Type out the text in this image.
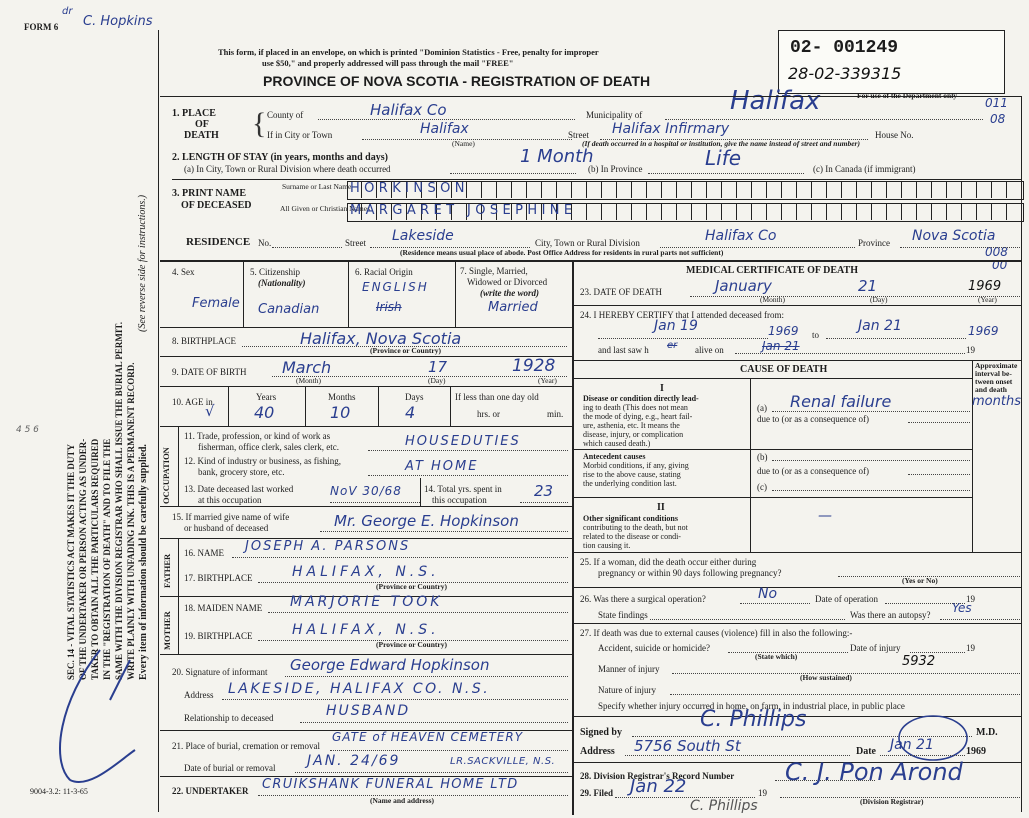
FORM 6 C. Hopkins
dr
This form, if placed in an envelope, on which is printed "Dominion Statistics - Free, penalty for improper
use $50," and properly addressed will pass through the mail "FREE"
PROVINCE OF NOVA SCOTIA - REGISTRATION OF DEATH
02- 001249
28-02-339315
For use of the Department only
011
08
008
00
SEC. 14 - VITAL STATISTICS ACT MAKES IT THE DUTY OF THE UNDERTAKER OR PERSON ACTING AS UNDER- TAKER TO OBTAIN ALL THE PARTICULARS REQUIRED IN THE "REGISTRATION OF DEATH" AND TO FILE THE SAME WITH THE DIVISION REGISTRAR WHO SHALL ISSUE THE BURIAL PERMIT. WRITE PLAINLY WITH UNFADING INK. THIS IS A PERMANENT RECORD. Every item of information should be carefully supplied.
(See reverse side for instructions.)
4 5 6
9004-3.2: 11-3-65
1. PLACE
OF
DEATH { County of	Halifax Co	Municipality of	Halifax
If in City or Town	Halifax
(Name)
Street Halifax Infirmary	House No.
(If death occurred in a hospital or institution, give the name instead of street and number)
2. LENGTH OF STAY (in years, months and days)
(a) In City, Town or Rural Division where death occurred
1 Month
(b) In Province	Life	(c) In Canada (if immigrant)
3. PRINT NAME
OF DECEASED
Surname or Last Name
All Given or Christian Names
HORKINSON
MARGARET JOSEPHINE
RESIDENCE No.	Street Lakeside	City, Town or Rural Division	Halifax Co	Province Nova Scotia
(Residence means usual place of abode. Post Office Address for residents in rural parts not sufficient)
4. Sex
Female
5. Citizenship
(Nationality)
Canadian
6. Racial Origin
ENGLISH
Irish
7. Single, Married,
Widowed or Divorced
(write the word)
Married
8. BIRTHPLACE	Halifax, Nova Scotia
(Province or Country)
9. DATE OF BIRTH March	17	1928
(Month)	(Day)	(Year)
10. AGE in
√
Years	Months	Days
40	10	4
If less than one day old
hrs. or	min.
OCCUPATION
11. Trade, profession, or kind of work as
fisherman, office clerk, sales clerk, etc.	HOUSEDUTIES
12. Kind of industry or business, as fishing,
bank, grocery store, etc.	AT HOME
13. Date deceased last worked
at this occupation
NoV 30/68 14. Total yrs. spent in
this occupation	23
15. If married give name of wife
or husband of deceased	Mr. George E. Hopkinson
FATHER
16. NAME JOSEPH A. PARSONS
17. BIRTHPLACE	HALIFAX, N.S.
(Province or Country)
MOTHER
18. MAIDEN NAME MARJORIE TOOK
19. BIRTHPLACE	HALIFAX, N.S.
(Province or Country)
20. Signature of informant George Edward Hopkinson
Address LAKESIDE, HALIFAX CO. N.S.
Relationship to deceased	HUSBAND
21. Place of burial, cremation or removal
GATE of HEAVEN CEMETERY
Date of burial or removal JAN. 24/69	LR.SACKVILLE, N.S.
22. UNDERTAKER CRUIKSHANK FUNERAL HOME LTD
(Name and address)
MEDICAL CERTIFICATE OF DEATH
23. DATE OF DEATH	January	21	1969
(Month)	(Day)	(Year)
24. I HEREBY CERTIFY that I attended deceased from:
Jan 19	1969 to
Jan 21	1969
and last saw h er alive on	Jan 21	19
CAUSE OF DEATH	Approximate
interval be-
tween onset
and death
I
Disease or condition directly lead-
ing to death (This does not mean
the mode of dying, e.g., heart fail-
ure, asthenia, etc. It means the
disease, injury, or complication
which caused death.)
(a) Renal failure	months
due to (or as a consequence of)
Antecedent causes
Morbid conditions, if any, giving
rise to the above cause, stating
the underlying condition last.
(b)
due to (or as a consequence of)
(c)
II
Other significant conditions
contributing to the death, but not
related to the disease or condi-
tion causing it.
—
25. If a woman, did the death occur either during
pregnancy or within 90 days following pregnancy?
(Yes or No)
26. Was there a surgical operation?	No	Date of operation	19
State findings	Was there an autopsy? Yes
27. If death was due to external causes (violence) fill in also the following:-
Accident, suicide or homicide?
(State which)
Date of injury	19
Manner of injury	5932
(How sustained)
Nature of injury
Specify whether injury occurred in home, on farm, in industrial place, in public place
Signed by
C. Phillips
M.D.
Address 5756 South St	Date Jan 21	1969
28. Division Registrar's Record Number
29. Filed Jan 22	19
C. J. Pon Arond
(Division Registrar)
C. Phillips
